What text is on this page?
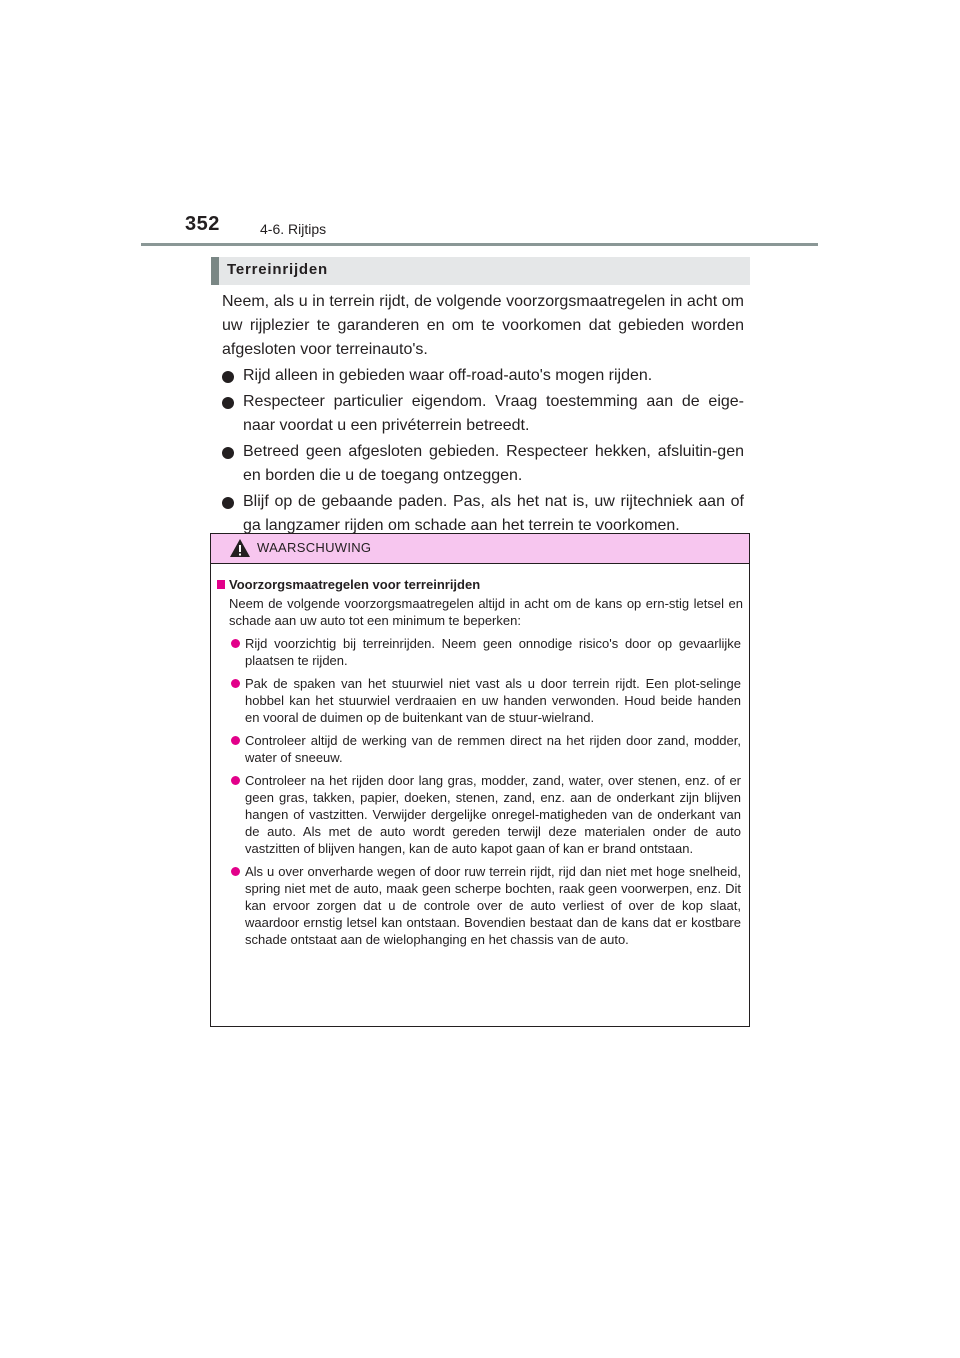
352	4-6. Rijtips
Terreinrijden

Neem, als u in terrein rijdt, de volgende voorzorgsmaatregelen in acht om uw rijplezier te garanderen en om te voorkomen dat gebieden worden afgesloten voor terreinauto's.

Rijd alleen in gebieden waar off-road-auto's mogen rijden.
Respecteer particulier eigendom. Vraag toestemming aan de eige-naar voordat u een privéterrein betreedt.
Betreed geen afgesloten gebieden. Respecteer hekken, afsluitin-gen en borden die u de toegang ontzeggen.
Blijf op de gebaande paden. Pas, als het nat is, uw rijtechniek aan of ga langzamer rijden om schade aan het terrein te voorkomen.
WAARSCHUWING
Voorzorgsmaatregelen voor terreinrijden
Neem de volgende voorzorgsmaatregelen altijd in acht om de kans op ern-stig letsel en schade aan uw auto tot een minimum te beperken:
Rijd voorzichtig bij terreinrijden. Neem geen onnodige risico's door op gevaarlijke plaatsen te rijden.
Pak de spaken van het stuurwiel niet vast als u door terrein rijdt. Een plot-selinge hobbel kan het stuurwiel verdraaien en uw handen verwonden. Houd beide handen en vooral de duimen op de buitenkant van de stuur-wielrand.
Controleer altijd de werking van de remmen direct na het rijden door zand, modder, water of sneeuw.
Controleer na het rijden door lang gras, modder, zand, water, over stenen, enz. of er geen gras, takken, papier, doeken, stenen, zand, enz. aan de onderkant zijn blijven hangen of vastzitten. Verwijder dergelijke onregel-matigheden van de onderkant van de auto. Als met de auto wordt gereden terwijl deze materialen onder de auto vastzitten of blijven hangen, kan de auto kapot gaan of kan er brand ontstaan.
Als u over onverharde wegen of door ruw terrein rijdt, rijd dan niet met hoge snelheid, spring niet met de auto, maak geen scherpe bochten, raak geen voorwerpen, enz. Dit kan ervoor zorgen dat u de controle over de auto verliest of over de kop slaat, waardoor ernstig letsel kan ontstaan. Bovendien bestaat dan de kans dat er kostbare schade ontstaat aan de wielophanging en het chassis van de auto.
